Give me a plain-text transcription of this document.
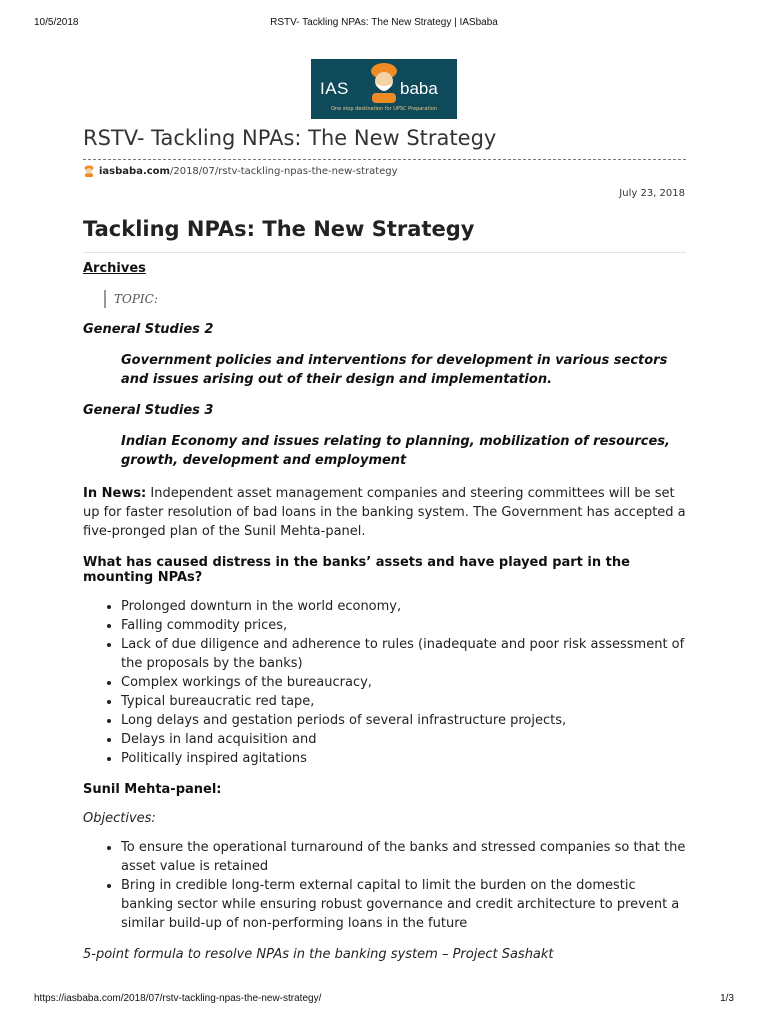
10/5/2018	RSTV- Tackling NPAs: The New Strategy | IASbaba
IAS	baba
One stop destination for UPSC Preparation
RSTV- Tackling NPAs: The New Strategy
iasbaba.com/2018/07/rstv-tackling-npas-the-new-strategy
July 23, 2018
Tackling NPAs: The New Strategy
Archives
TOPIC:
General Studies 2
Government policies and interventions for development in various sectors and issues arising out of their design and implementation.
General Studies 3
Indian Economy and issues relating to planning, mobilization of resources, growth, development and employment
In News: Independent asset management companies and steering committees will be set up for faster resolution of bad loans in the banking system. The Government has accepted a five-pronged plan of the Sunil Mehta-panel.
What has caused distress in the banks’ assets and have played part in the mounting NPAs?
• Prolonged downturn in the world economy,
• Falling commodity prices,
• Lack of due diligence and adherence to rules (inadequate and poor risk assessment of the proposals by the banks)
• Complex workings of the bureaucracy,
• Typical bureaucratic red tape,
• Long delays and gestation periods of several infrastructure projects,
• Delays in land acquisition and
• Politically inspired agitations
Sunil Mehta-panel:
Objectives:
• To ensure the operational turnaround of the banks and stressed companies so that the asset value is retained
• Bring in credible long-term external capital to limit the burden on the domestic banking sector while ensuring robust governance and credit architecture to prevent a similar build-up of non-performing loans in the future
5-point formula to resolve NPAs in the banking system – Project Sashakt
https://iasbaba.com/2018/07/rstv-tackling-npas-the-new-strategy/	1/3
